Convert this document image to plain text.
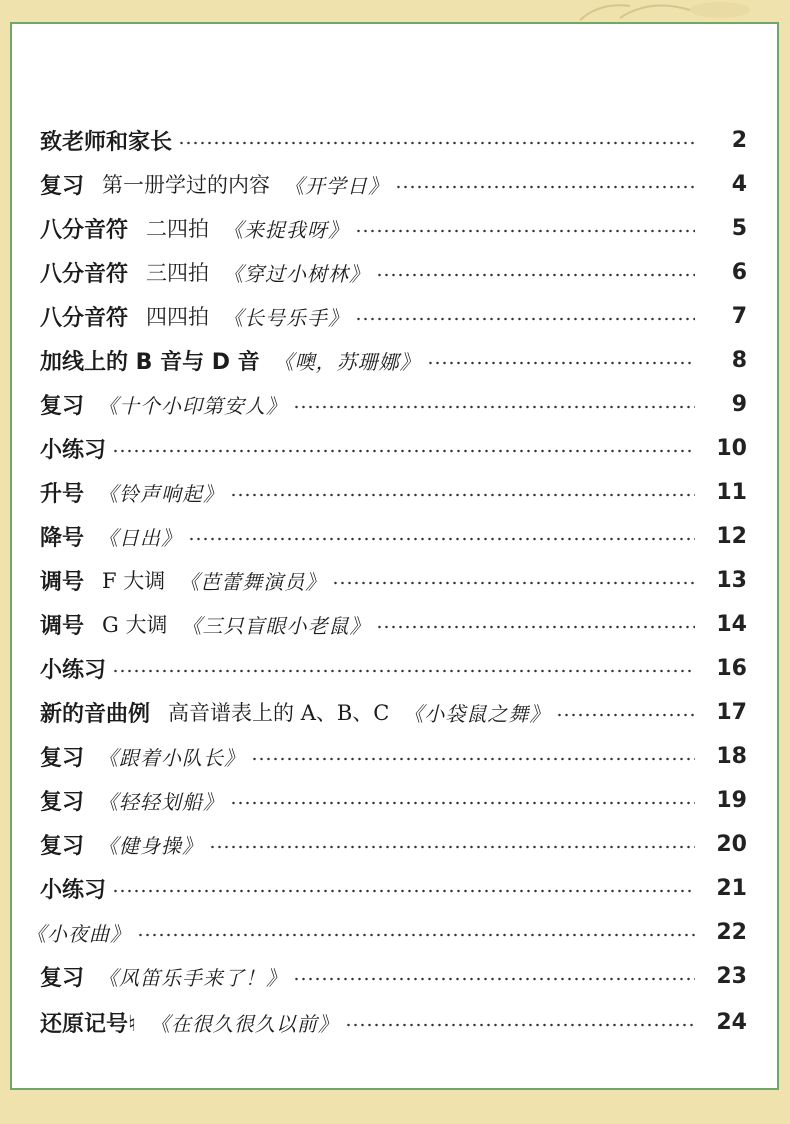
致老师和家长	2
复习 第一册学过的内容 《开学日》	4
八分音符 二四拍 《来捉我呀》	5
八分音符 三四拍 《穿过小树林》	6
八分音符 四四拍 《长号乐手》	7
加线上的 B 音与 D 音 《噢，苏珊娜》	8
复习 《十个小印第安人》	9
小练习	10
升号 《铃声响起》	11
降号 《日出》	12
调号 F 大调 《芭蕾舞演员》	13
调号 G 大调 《三只盲眼小老鼠》	14
小练习	16
新的音曲例 高音谱表上的 A、B、C 《小袋鼠之舞》	17
复习 《跟着小队长》	18
复习 《轻轻划船》	19
复习 《健身操》	20
小练习	21
《小夜曲》	22
复习 《风笛乐手来了！》	23
还原记号♮ 《在很久很久以前》	24
